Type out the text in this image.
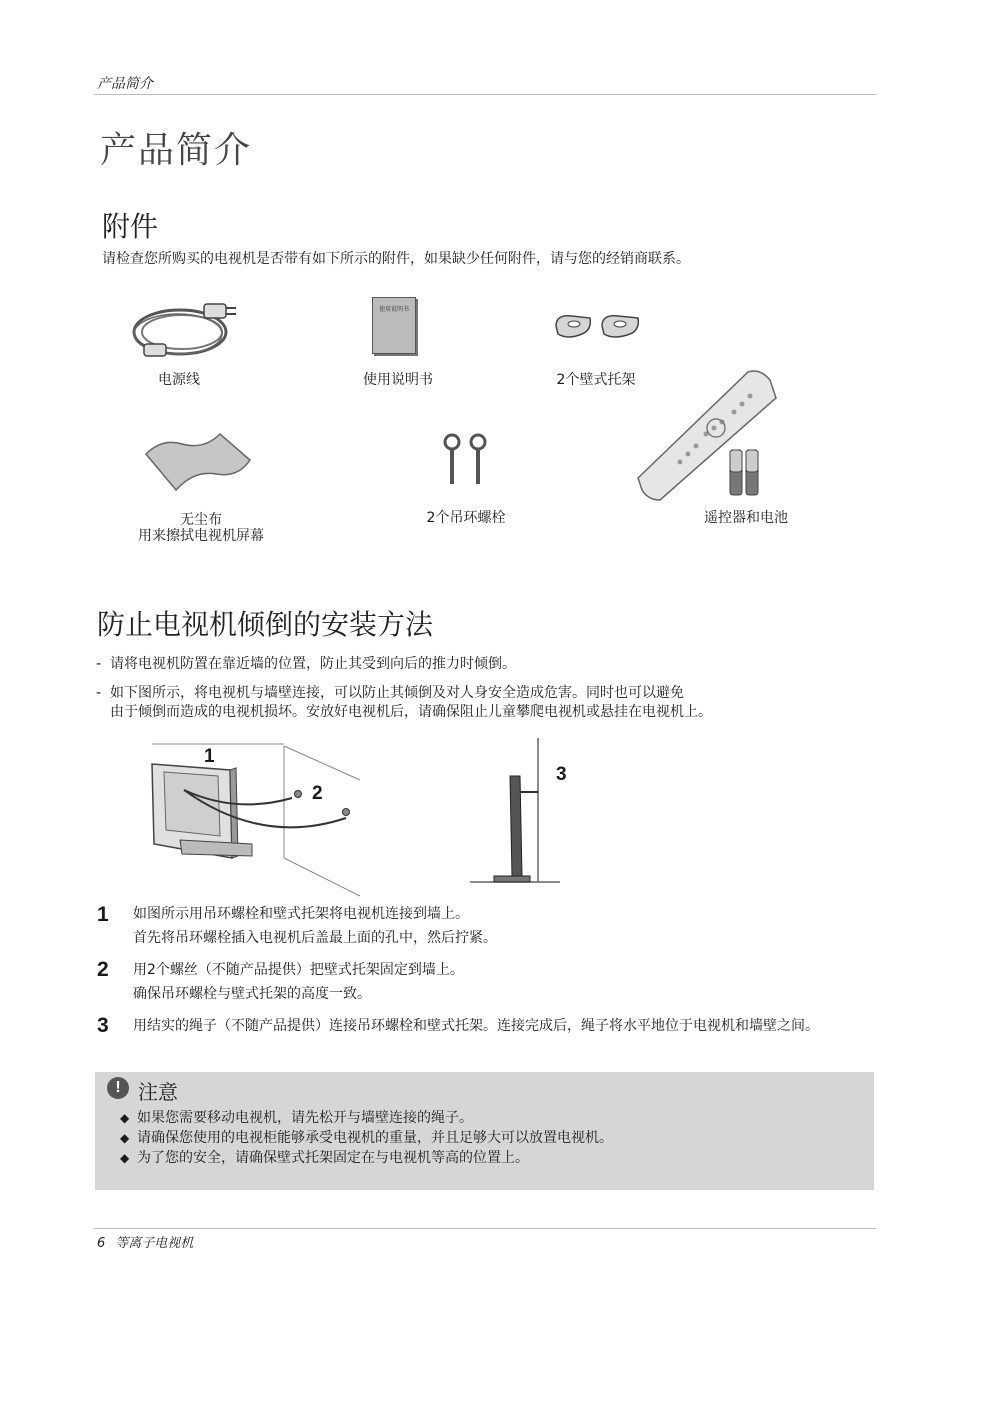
产品简介
产品简介
附件
请检查您所购买的电视机是否带有如下所示的附件，如果缺少任何附件，请与您的经销商联系。
电源线
使用说明书
使用说明书	2个壁式托架
无尘布
用来擦拭电视机屏幕
2个吊环螺栓	遥控器和电池
防止电视机倾倒的安装方法
- 请将电视机防置在靠近墙的位置，防止其受到向后的推力时倾倒。
- 如下图所示，将电视机与墙壁连接，可以防止其倾倒及对人身安全造成危害。同时也可以避免
由于倾倒而造成的电视机损坏。安放好电视机后，请确保阻止儿童攀爬电视机或悬挂在电视机上。
1
2
3
1 如图所示用吊环螺栓和壁式托架将电视机连接到墙上。
首先将吊环螺栓插入电视机后盖最上面的孔中，然后拧紧。
2 用2个螺丝（不随产品提供）把壁式托架固定到墙上。
确保吊环螺栓与壁式托架的高度一致。
3 用结实的绳子（不随产品提供）连接吊环螺栓和壁式托架。连接完成后，绳子将水平地位于电视机和墙壁之间。
! 注意
◆ 如果您需要移动电视机，请先松开与墙壁连接的绳子。
◆ 请确保您使用的电视柜能够承受电视机的重量，并且足够大可以放置电视机。
◆ 为了您的安全，请确保壁式托架固定在与电视机等高的位置上。
6 等离子电视机
